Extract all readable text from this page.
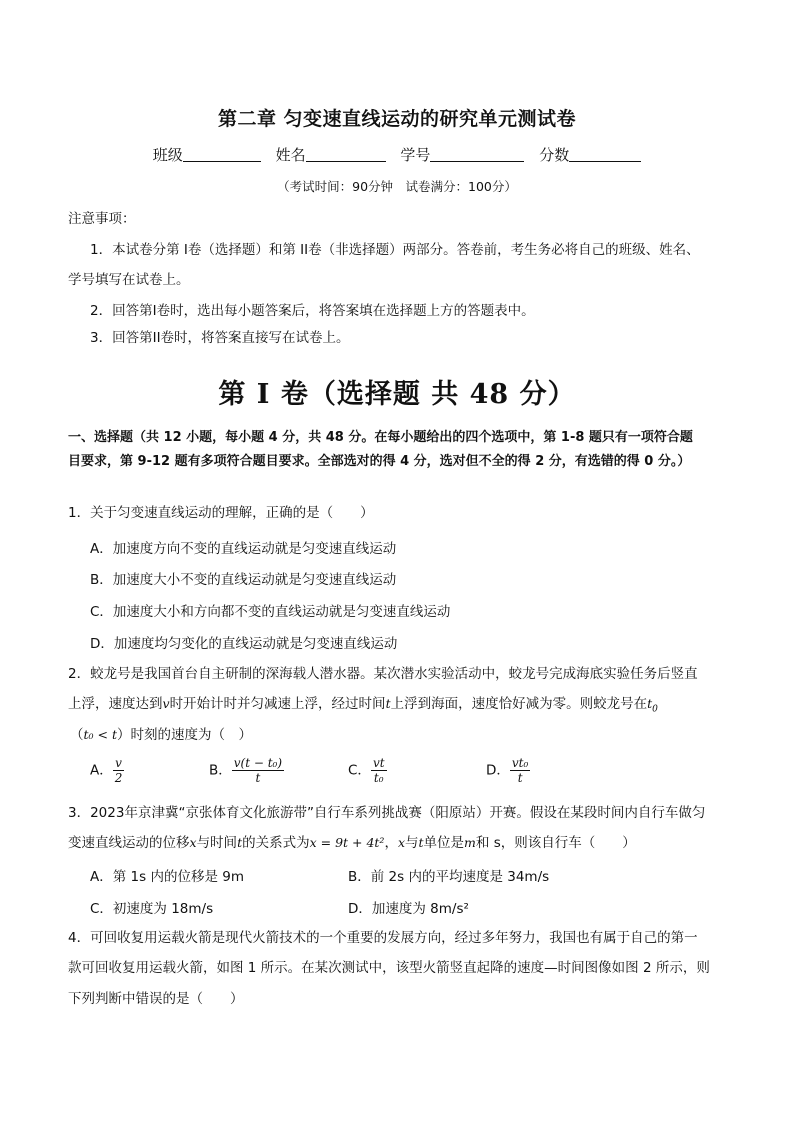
第二章 匀变速直线运动的研究单元测试卷
班级	姓名	学号	分数
（考试时间：90分钟　试卷满分：100分）
注意事项：
1．本试卷分第 I卷（选择题）和第 II卷（非选择题）两部分。答卷前，考生务必将自己的班级、姓名、
学号填写在试卷上。
2．回答第Ⅰ卷时，选出每小题答案后，将答案填在选择题上方的答题表中。
3．回答第II卷时，将答案直接写在试卷上。
第 I 卷（选择题 共 48 分）
一、选择题（共 12 小题，每小题 4 分，共 48 分。在每小题给出的四个选项中，第 1-8 题只有一项符合题
目要求，第 9-12 题有多项符合题目要求。全部选对的得 4 分，选对但不全的得 2 分，有选错的得 0 分。）
1．关于匀变速直线运动的理解，正确的是（　　）
A．加速度方向不变的直线运动就是匀变速直线运动
B．加速度大小不变的直线运动就是匀变速直线运动
C．加速度大小和方向都不变的直线运动就是匀变速直线运动
D．加速度均匀变化的直线运动就是匀变速直线运动
2．蛟龙号是我国首台自主研制的深海载人潜水器。某次潜水实验活动中，蛟龙号完成海底实验任务后竖直
上浮，速度达到v时开始计时并匀减速上浮，经过时间t上浮到海面，速度恰好减为零。则蛟龙号在$t_0$
（t₀ < t）时刻的速度为（　）
A． $\frac{v}{2}$	B． $\frac{\text{v(t − t₀)}}{t}$	C． $\frac{vt}{\text{t₀}}$	D． $\frac{\text{vt₀}}{t}$
3．2023年京津冀“京张体育文化旅游带”自行车系列挑战赛（阳原站）开赛。假设在某段时间内自行车做匀
变速直线运动的位移x与时间t的关系式为x = 9t + 4t²，x与t单位是m和 s，则该自行车（　　）
A．第 1s 内的位移是 9m	B．前 2s 内的平均速度是 34m/s
C．初速度为 18m/s	D．加速度为 8m/s²
4．可回收复用运载火箭是现代火箭技术的一个重要的发展方向，经过多年努力，我国也有属于自己的第一
款可回收复用运载火箭，如图 1 所示。在某次测试中，该型火箭竖直起降的速度—时间图像如图 2 所示，则
下列判断中错误的是（　　）
